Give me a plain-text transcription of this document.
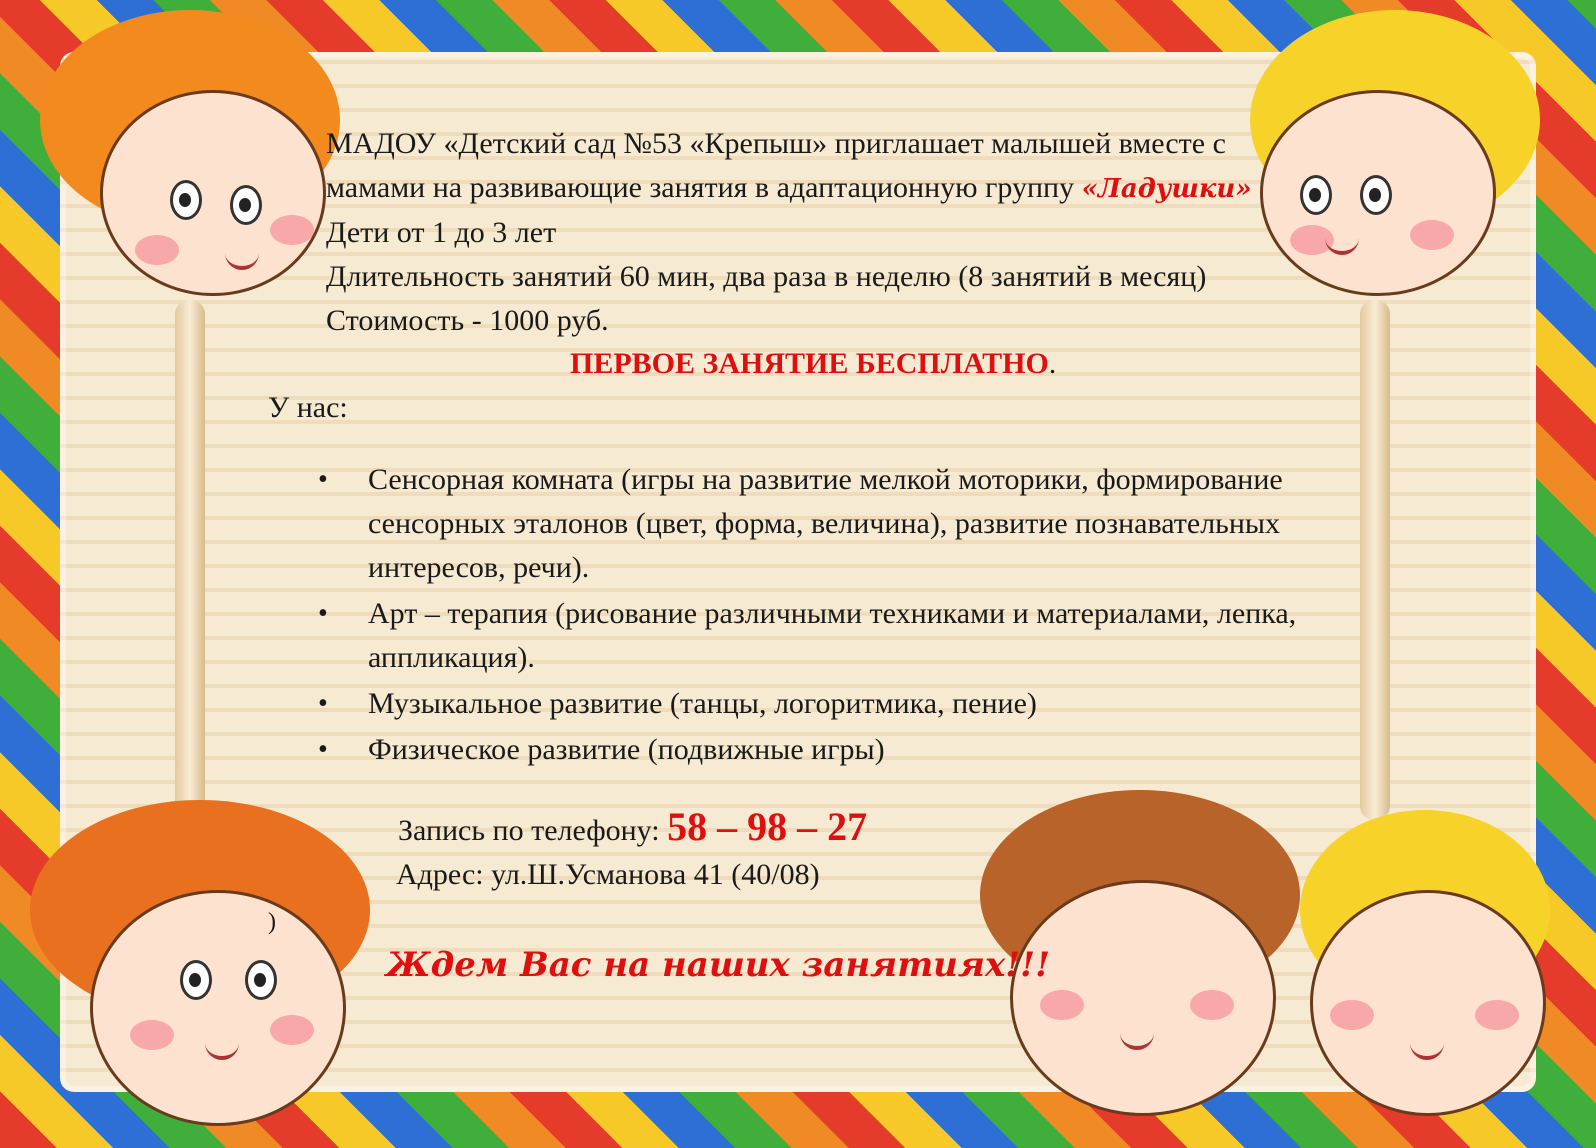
МАДОУ «Детский сад №53 «Крепыш» приглашает малышей вместе с
мамами на развивающие занятия в адаптационную группу «Ладушки»
Дети от 1 до 3 лет
Длительность занятий 60 мин, два раза в неделю (8 занятий в месяц)
Стоимость - 1000 руб.
ПЕРВОЕ ЗАНЯТИЕ БЕСПЛАТНО.
У нас:
• Сенсорная комната (игры на развитие мелкой моторики, формирование сенсорных эталонов (цвет, форма, величина), развитие познавательных интересов, речи).
• Арт – терапия (рисование различными техниками и материалами, лепка, аппликация).
• Музыкальное развитие (танцы, логоритмика, пение)
• Физическое развитие (подвижные игры)
Запись по телефону: 58 – 98 – 27
Адрес: ул.Ш.Усманова 41 (40/08)
)
Ждем Вас на наших занятиях!!!
